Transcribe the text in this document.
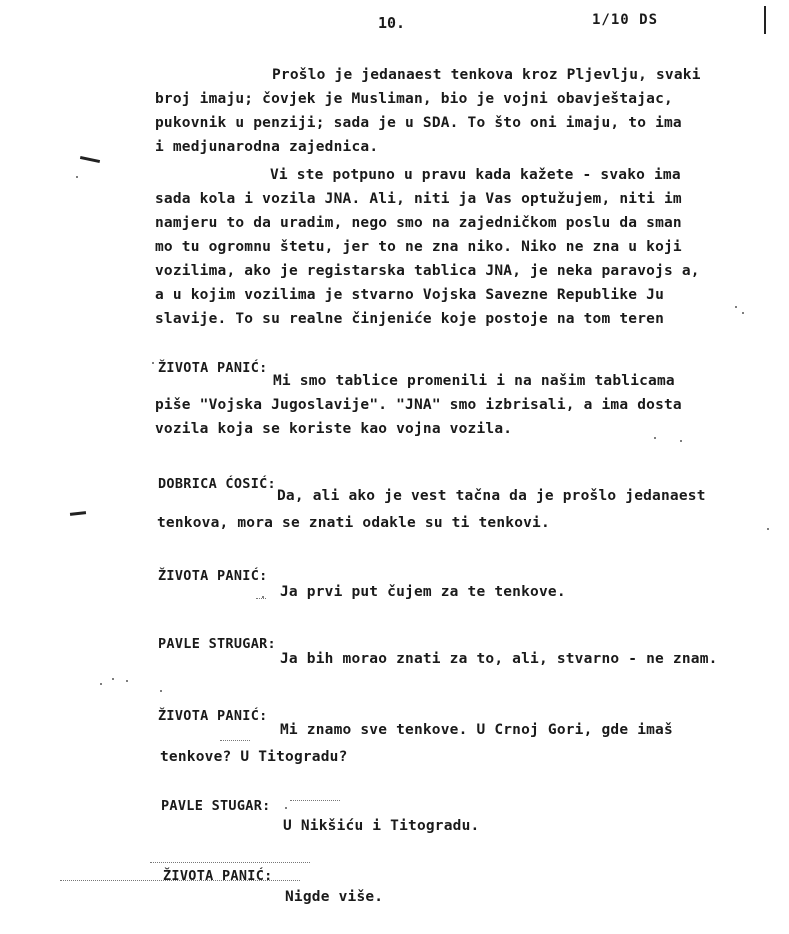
10.	1/10 DS
Prošlo je jedanaest tenkova kroz Pljevlju, svaki
broj imaju; čovjek je Musliman, bio je vojni obavještajac,
pukovnik u penziji; sada je u SDA. To što oni imaju, to ima
i medjunarodna zajednica.
Vi ste potpuno u pravu kada kažete - svako ima
sada kola i vozila JNA. Ali, niti ja Vas optužujem, niti im
namjeru to da uradim, nego smo na zajedničkom poslu da sman
mo tu ogromnu štetu, jer to ne zna niko. Niko ne zna u koji
vozilima, ako je registarska tablica JNA, je neka paravojs a,
a u kojim vozilima je stvarno Vojska Savezne Republike Ju
slavije. To su realne činjeniće koje postoje na tom teren
ŽIVOTA PANIĆ:
Mi smo tablice promenili i na našim tablicama
piše "Vojska Jugoslavije". "JNA" smo izbrisali, a ima dosta
vozila koja se koriste kao vojna vozila.
DOBRICA ĆOSIĆ:
Da, ali ako je vest tačna da je prošlo jedanaest
tenkova, mora se znati odakle su ti tenkovi.
ŽIVOTA PANIĆ:
Ja prvi put čujem za te tenkove.
PAVLE STRUGAR:
Ja bih morao znati za to, ali, stvarno - ne znam.
ŽIVOTA PANIĆ:
Mi znamo sve tenkove. U Crnoj Gori, gde imaš
tenkove? U Titogradu?
PAVLE STUGAR:
U Nikšiću i Titogradu.
ŽIVOTA PANIĆ:
Nigde više.
